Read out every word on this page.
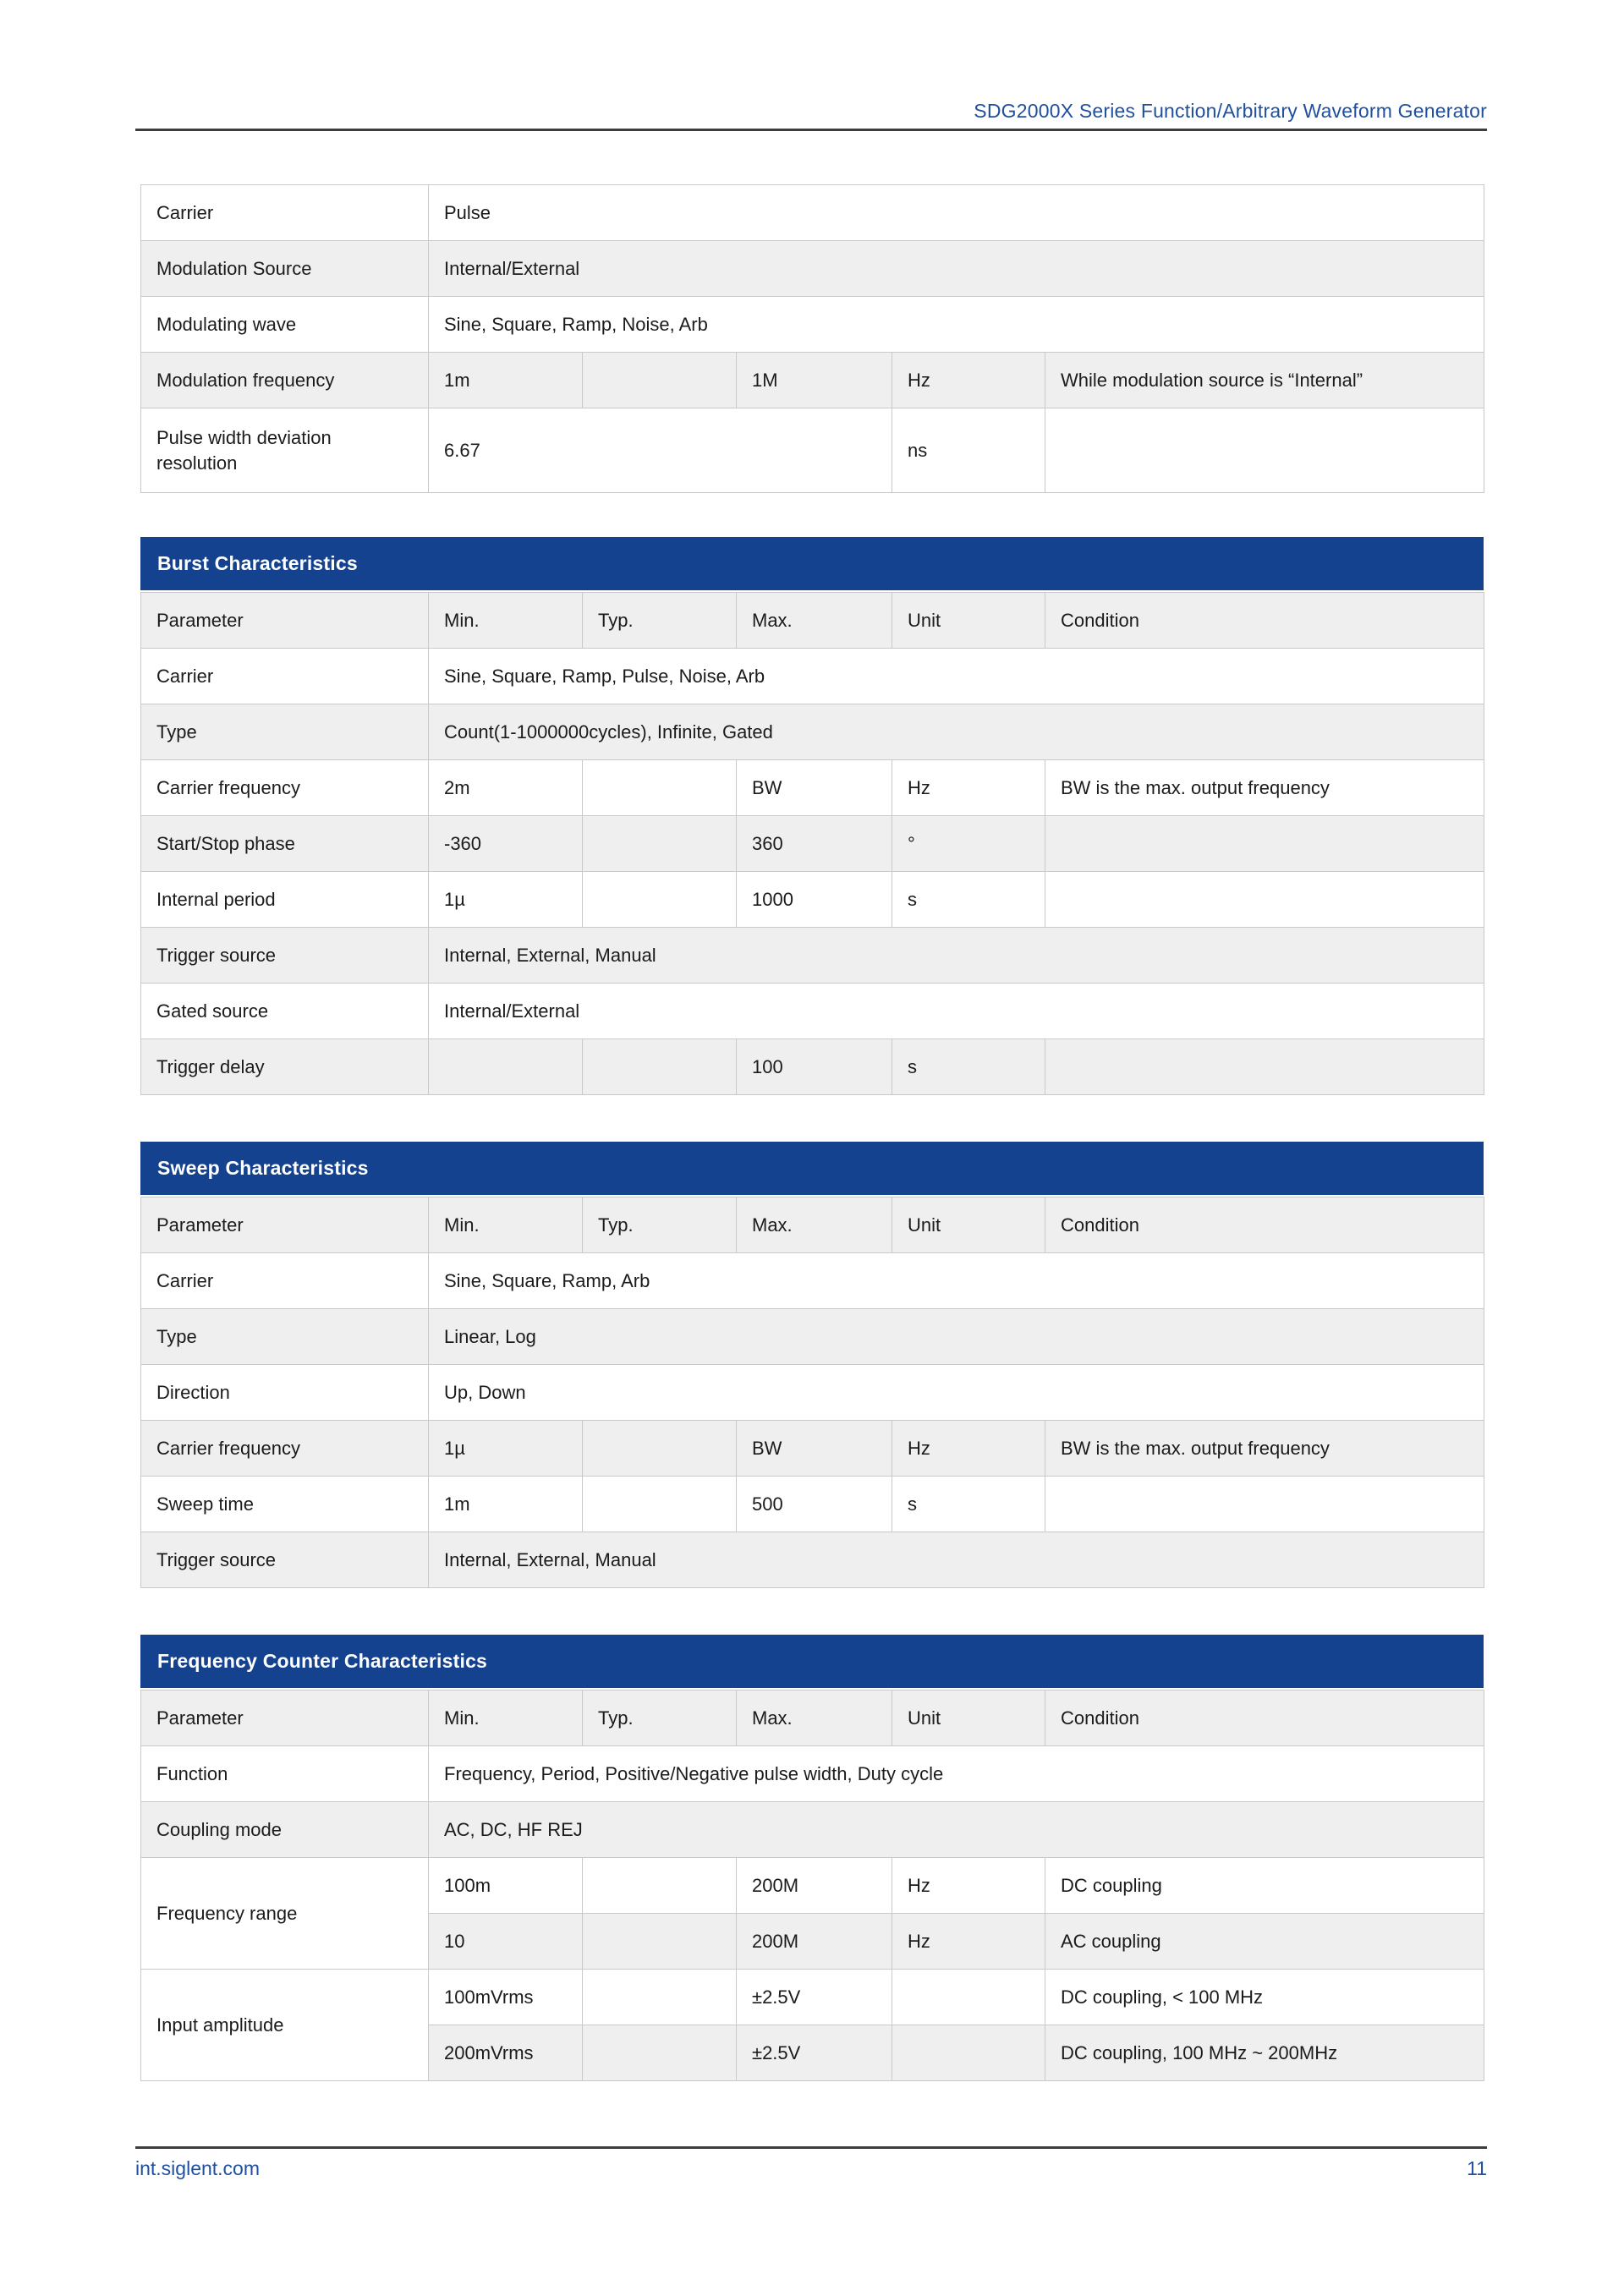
SDG2000X Series Function/Arbitrary Waveform Generator
Carrier	Pulse				
Modulation Source	Internal/External				
Modulating wave	Sine, Square, Ramp, Noise, Arb				
Modulation frequency	1m		1M	Hz	While modulation source is “Internal”
Pulse width deviation resolution	6.67			ns	
Burst Characteristics
Parameter	Min.	Typ.	Max.	Unit	Condition
Carrier	Sine, Square, Ramp, Pulse, Noise, Arb				
Type	Count(1-1000000cycles), Infinite, Gated				
Carrier frequency	2m		BW	Hz	BW is the max. output frequency
Start/Stop phase	-360		360	°	
Internal period	1µ		1000	s	
Trigger source	Internal, External, Manual				
Gated source	Internal/External				
Trigger delay			100	s	
Sweep Characteristics
Parameter	Min.	Typ.	Max.	Unit	Condition
Carrier	Sine, Square, Ramp, Arb				
Type	Linear, Log				
Direction	Up, Down				
Carrier frequency	1µ		BW	Hz	BW is the max. output frequency
Sweep time	1m		500	s	
Trigger source	Internal, External, Manual				
Frequency Counter Characteristics
Parameter	Min.	Typ.	Max.	Unit	Condition
Function	Frequency, Period, Positive/Negative pulse width, Duty cycle				
Coupling mode	AC, DC, HF REJ				
Frequency range	100m		200M	Hz	DC coupling
	10		200M	Hz	AC coupling
Input amplitude	100mVrms		±2.5V		DC coupling, < 100 MHz
	200mVrms		±2.5V		DC coupling, 100 MHz ~ 200MHz
int.siglent.com	11
